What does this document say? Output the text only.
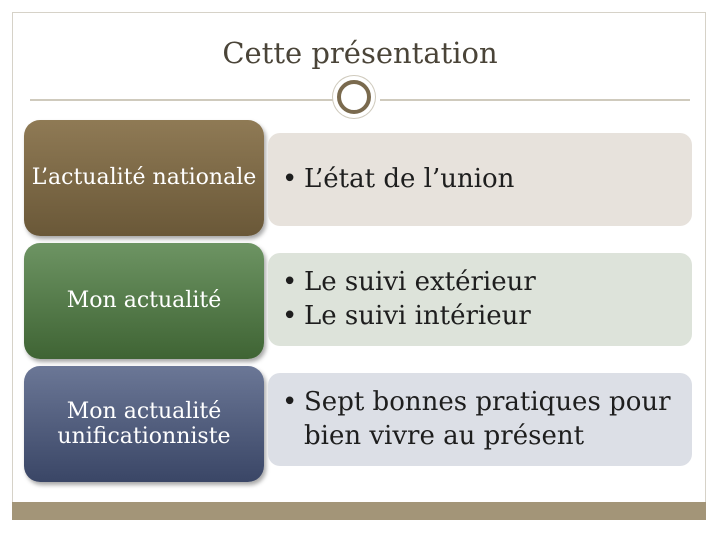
Cette présentation
L’actualité nationale • L’état de l’union
Mon actualité
• Le suivi extérieur
• Le suivi intérieur
Mon actualité unificationniste
• Sept bonnes pratiques pour bien vivre au présent
